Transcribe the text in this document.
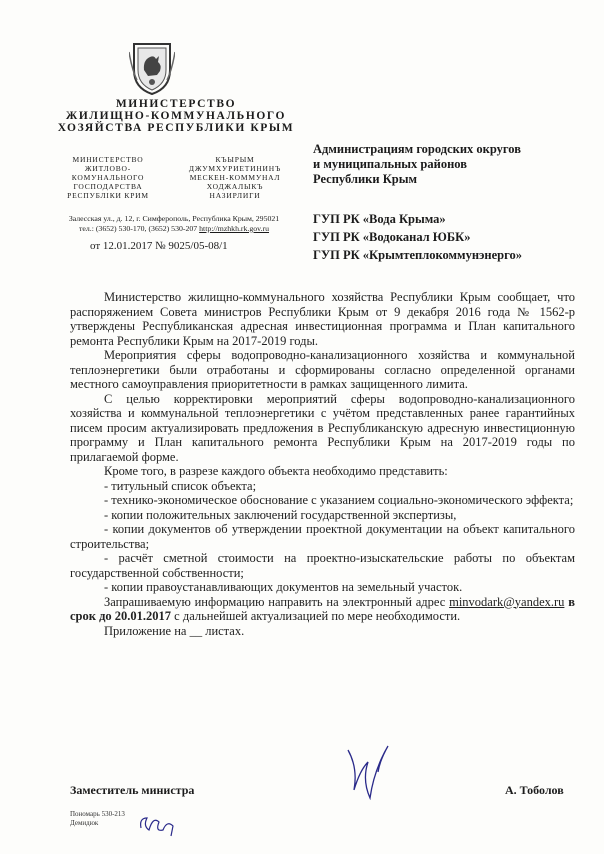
МИНИСТЕРСТВО
ЖИЛИЩНО-КОММУНАЛЬНОГО
ХОЗЯЙСТВА РЕСПУБЛИКИ КРЫМ
МИНИСТЕРСТВО
ЖИТЛОВО-
КОМУНАЛЬНОГО
ГОСПОДАРСТВА
РЕСПУБЛІКИ КРИМ
КЪЫРЫМ
ДЖУМХУРИЕТИНИНЪ
МЕСКЕН-КОММУНАЛ
ХОДЖАЛЫКЪ
НАЗИРЛИГИ
Залесская ул., д. 12, г. Симферополь, Республика Крым, 295021
тел.: (3652) 530-170, (3652) 530-207 http://mzhkh.rk.gov.ru
от 12.01.2017 № 9025/05-08/1
Администрациям городских округов
и муниципальных районов
Республики Крым
ГУП РК «Вода Крыма»
ГУП РК «Водоканал ЮБК»
ГУП РК «Крымтеплокоммунэнерго»

Министерство жилищно-коммунального хозяйства Республики Крым сообщает, что распоряжением Совета министров Республики Крым от 9 декабря 2016 года № 1562-р утверждены Республиканская адресная инвестиционная программа и План капитального ремонта Республики Крым на 2017-2019 годы.

Мероприятия сферы водопроводно-канализационного хозяйства и коммунальной теплоэнергетики были отработаны и сформированы согласно определенной органами местного самоуправления приоритетности в рамках защищенного лимита.

С целью корректировки мероприятий сферы водопроводно-канализационного хозяйства и коммунальной теплоэнергетики с учётом представленных ранее гарантийных писем просим актуализировать предложения в Республиканскую адресную инвестиционную программу и План капитального ремонта Республики Крым на 2017-2019 годы по прилагаемой форме.

Кроме того, в разрезе каждого объекта необходимо представить:

- титульный список объекта;

- технико-экономическое обоснование с указанием социально-экономического эффекта;

- копии положительных заключений государственной экспертизы,

- копии документов об утверждении проектной документации на объект капитального строительства;

- расчёт сметной стоимости на проектно-изыскательские работы по объектам государственной собственности;

- копии правоустанавливающих документов на земельный участок.

Запрашиваемую информацию направить на электронный адрес minvodark@yandex.ru в срок до 20.01.2017 с дальнейшей актуализацией по мере необходимости.

Приложение на __ листах.

Заместитель министра	А. Тоболов
Пономарь 530-213
Демидюк
